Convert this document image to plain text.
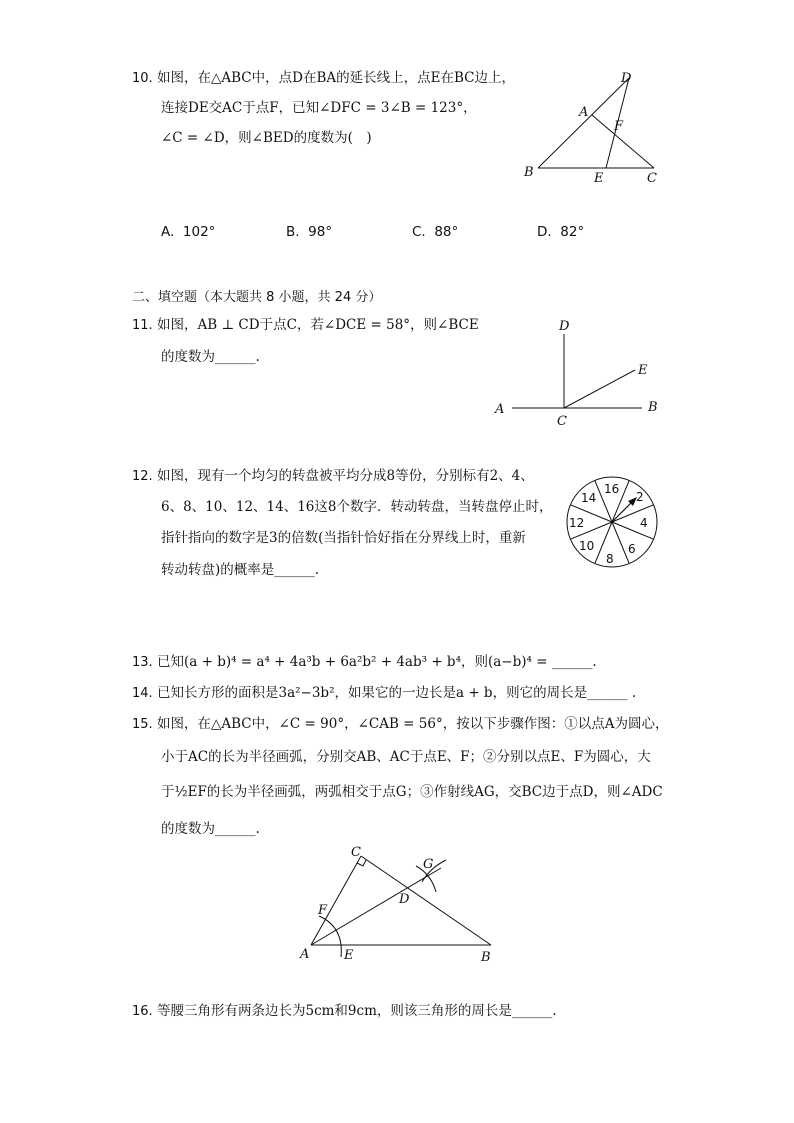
10. 如图，在△ABC中，点D在BA的延长线上，点E在BC边上，
连接DE交AC于点F，已知∠DFC = 3∠B = 123°，
∠C = ∠D，则∠BED的度数为(　)
D
A
F
B	E	C
A. 102°	B. 98°	C. 88°	D. 82°
二、填空题（本大题共 8 小题，共 24 分）
11. 如图，AB ⊥ CD于点C，若∠DCE = 58°，则∠BCE
的度数为______.
D
E
A
C
B
12. 如图，现有一个均匀的转盘被平均分成8等份，分别标有2、4、
6、8、10、12、14、16这8个数字．转动转盘，当转盘停止时，
指针指向的数字是3的倍数(当指针恰好指在分界线上时，重新
转动转盘)的概率是______.
16
2
4
6
8
10
12
14
13. 已知(a + b)⁴ = a⁴ + 4a³b + 6a²b² + 4ab³ + b⁴，则(a−b)⁴ = ______.
14. 已知长方形的面积是3a²−3b²，如果它的一边长是a + b，则它的周长是______ .
15. 如图，在△ABC中，∠C = 90°，∠CAB = 56°，按以下步骤作图：①以点A为圆心，
小于AC的长为半径画弧，分别交AB、AC于点E、F；②分别以点E、F为圆心，大
于½EF的长为半径画弧，两弧相交于点G；③作射线AG，交BC边于点D，则∠ADC
的度数为______.
C
G
F
D
A	E	B
16. 等腰三角形有两条边长为5cm和9cm，则该三角形的周长是______.
